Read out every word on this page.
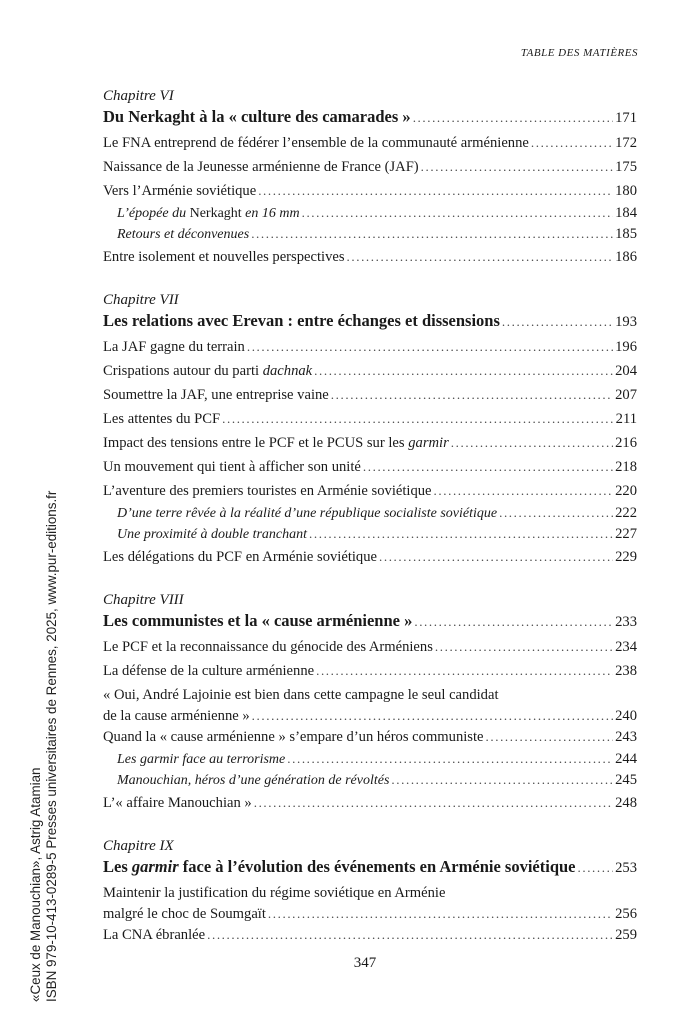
TABLE DES MATIÈRES
Chapitre VI
Du Nerkaght à la « culture des camarades » .....	171
Le FNA entreprend de fédérer l’ensemble de la communauté arménienne .....	172
Naissance de la Jeunesse arménienne de France (JAF) .....	175
Vers l’Arménie soviétique .....	180
L’épopée du Nerkaght en 16 mm .....	184
Retours et déconvenues .....	185
Entre isolement et nouvelles perspectives .....	186
Chapitre VII
Les relations avec Erevan : entre échanges et dissensions .....	193
La JAF gagne du terrain .....	196
Crispations autour du parti dachnak .....	204
Soumettre la JAF, une entreprise vaine .....	207
Les attentes du PCF .....	211
Impact des tensions entre le PCF et le PCUS sur les garmir .....	216
Un mouvement qui tient à afficher son unité .....	218
L’aventure des premiers touristes en Arménie soviétique .....	220
D’une terre rêvée à la réalité d’une république socialiste soviétique .....	222
Une proximité à double tranchant .....	227
Les délégations du PCF en Arménie soviétique .....	229
Chapitre VIII
Les communistes et la « cause arménienne » .....	233
Le PCF et la reconnaissance du génocide des Arméniens .....	234
La défense de la culture arménienne .....	238
« Oui, André Lajoinie est bien dans cette campagne le seul candidat
de la cause arménienne » .....	240
Quand la « cause arménienne » s’empare d’un héros communiste .....	243
Les garmir face au terrorisme .....	244
Manouchian, héros d’une génération de révoltés .....	245
L’« affaire Manouchian » .....	248
Chapitre IX
Les garmir face à l’évolution des événements en Arménie soviétique .....	253
Maintenir la justification du régime soviétique en Arménie
malgré le choc de Soumgaït .....	256
La CNA ébranlée .....	259
347
«Ceux de Manouchian», Astrig Atamian ISBN 979-10-413-0289-5 Presses universitaires de Rennes, 2025, www.pur-editions.fr
